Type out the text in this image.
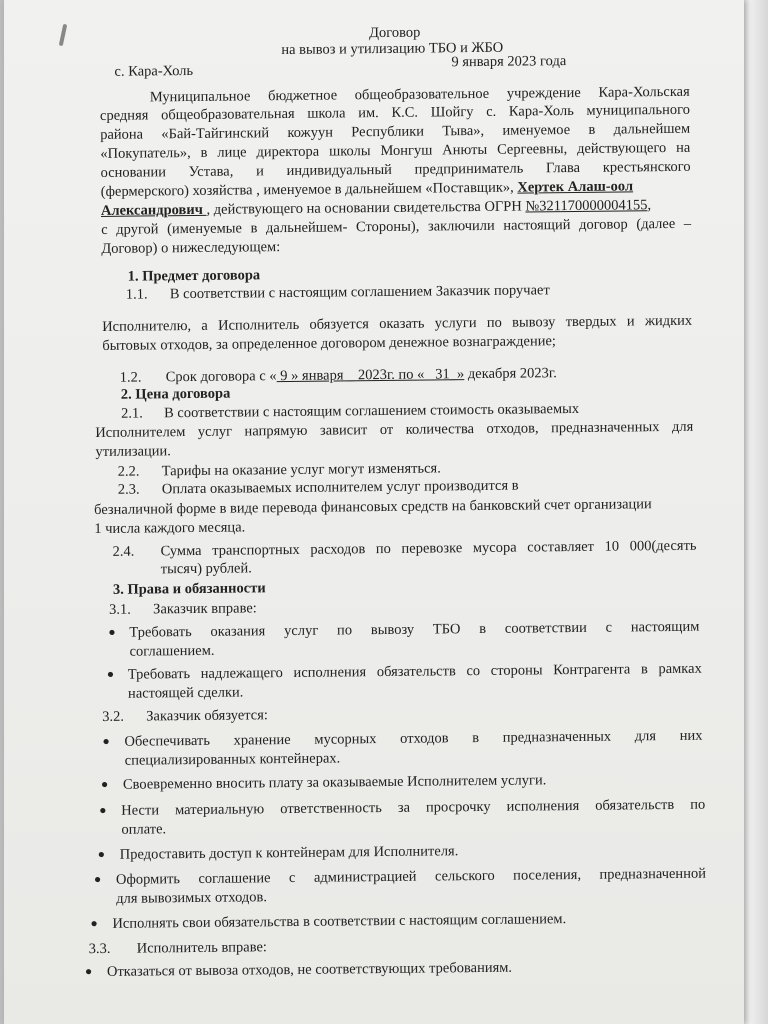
Договор
на вывоз и утилизацию ТБО и ЖБО
с. Кара-Холь
9 января 2023 года
Муниципальное бюджетное общеобразовательное учреждение Кара-Хольская
средняя общеобразовательная школа им. К.С. Шойгу с. Кара-Холь муниципального
района «Бай-Тайгинский кожуун Республики Тыва», именуемое в дальнейшем
«Покупатель», в лице директора школы Монгуш Анюты Сергеевны, действующего на
основании Устава, и индивидуальный предприниматель Глава крестьянского
(фермерского) хозяйства , именуемое в дальнейшем «Поставщик», Хертек Алаш-оол
Александрович , действующего на основании свидетельства ОГРН №321170000004155,
с другой (именуемые в дальнейшем- Стороны), заключили настоящий договор (далее –
Договор) о нижеследующем:
1. Предмет договора
1.1. В соответствии с настоящим соглашением Заказчик поручает
Исполнителю, а Исполнитель обязуется оказать услуги по вывозу твердых и жидких
бытовых отходов, за определенное договором денежное вознаграждение;
1.2. Срок договора с « 9 » января _ 2023г. по « _31_» декабря 2023г.
2. Цена договора
2.1. В соответствии с настоящим соглашением стоимость оказываемых
Исполнителем услуг напрямую зависит от количества отходов, предназначенных для
утилизации.
2.2. Тарифы на оказание услуг могут изменяться.
2.3. Оплата оказываемых исполнителем услуг производится в
безналичной форме в виде перевода финансовых средств на банковский счет организации
1 числа каждого месяца.
2.4. Сумма транспортных расходов по перевозке мусора составляет 10 000(десять
тысяч) рублей.
3. Права и обязанности
3.1. Заказчик вправе:
● Требовать оказания услуг по вывозу ТБО в соответствии с настоящим
соглашением.
● Требовать надлежащего исполнения обязательств со стороны Контрагента в рамках
настоящей сделки.
3.2. Заказчик обязуется:
● Обеспечивать хранение мусорных отходов в предназначенных для них
специализированных контейнерах.
● Своевременно вносить плату за оказываемые Исполнителем услуги.
● Нести материальную ответственность за просрочку исполнения обязательств по
оплате.
● Предоставить доступ к контейнерам для Исполнителя.
● Оформить соглашение с администрацией сельского поселения, предназначенной
для вывозимых отходов.
● Исполнять свои обязательства в соответствии с настоящим соглашением.
3.3. Исполнитель вправе:
● Отказаться от вывоза отходов, не соответствующих требованиям.
